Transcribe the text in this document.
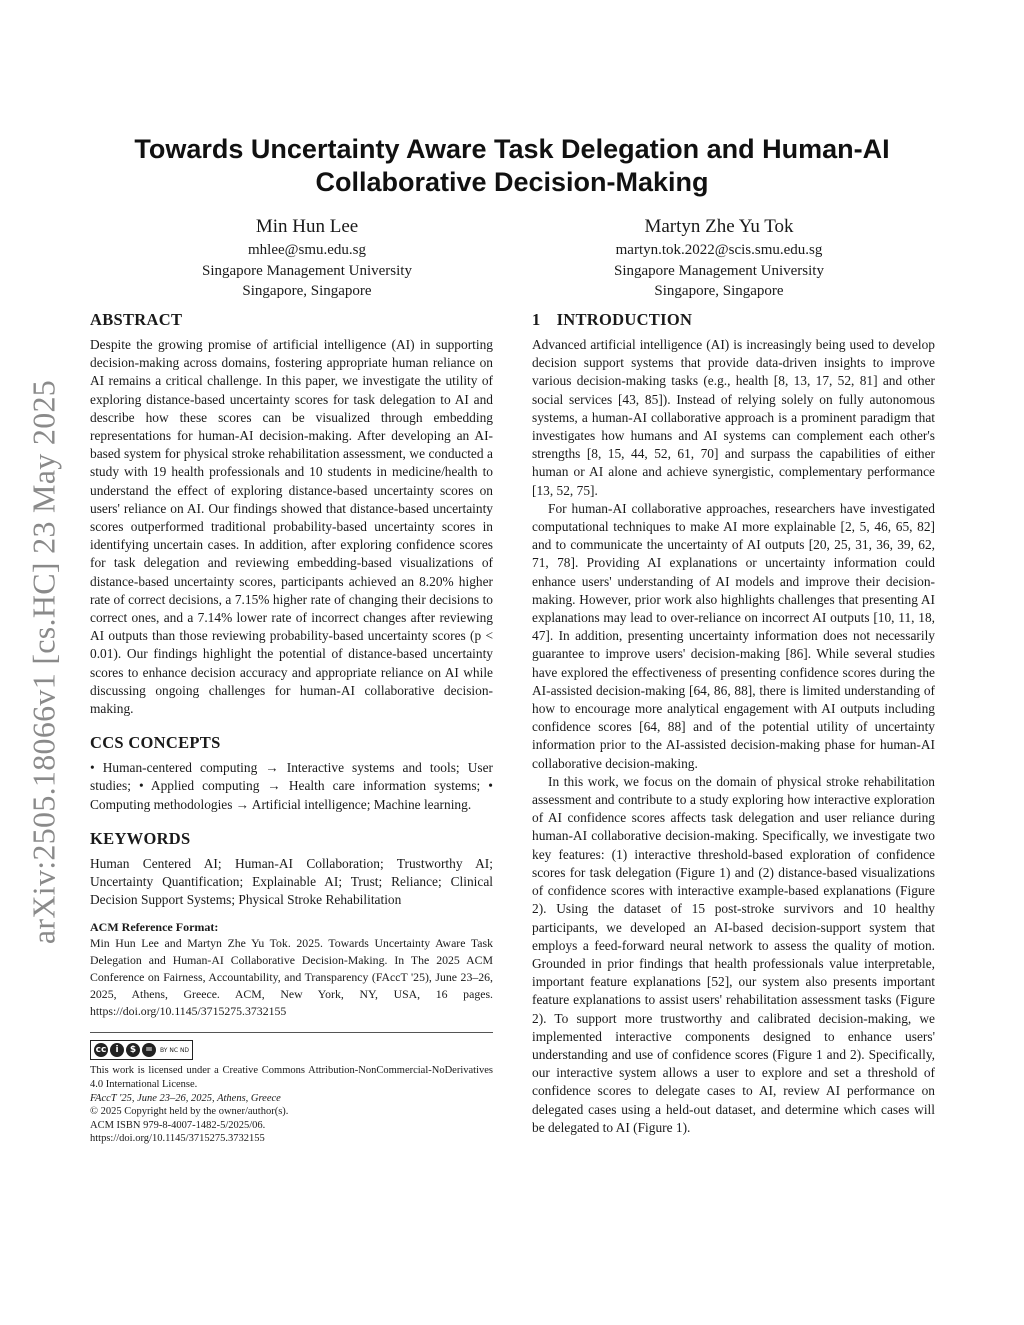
arXiv:2505.18066v1 [cs.HC] 23 May 2025
Towards Uncertainty Aware Task Delegation and Human-AI Collaborative Decision-Making
Min Hun Lee
mhlee@smu.edu.sg
Singapore Management University
Singapore, Singapore
Martyn Zhe Yu Tok
martyn.tok.2022@scis.smu.edu.sg
Singapore Management University
Singapore, Singapore
ABSTRACT

Despite the growing promise of artificial intelligence (AI) in supporting decision-making across domains, fostering appropriate human reliance on AI remains a critical challenge. In this paper, we investigate the utility of exploring distance-based uncertainty scores for task delegation to AI and describe how these scores can be visualized through embedding representations for human-AI decision-making. After developing an AI-based system for physical stroke rehabilitation assessment, we conducted a study with 19 health professionals and 10 students in medicine/health to understand the effect of exploring distance-based uncertainty scores on users' reliance on AI. Our findings showed that distance-based uncertainty scores outperformed traditional probability-based uncertainty scores in identifying uncertain cases. In addition, after exploring confidence scores for task delegation and reviewing embedding-based visualizations of distance-based uncertainty scores, participants achieved an 8.20% higher rate of correct decisions, a 7.15% higher rate of changing their decisions to correct ones, and a 7.14% lower rate of incorrect changes after reviewing AI outputs than those reviewing probability-based uncertainty scores (p < 0.01). Our findings highlight the potential of distance-based uncertainty scores to enhance decision accuracy and appropriate reliance on AI while discussing ongoing challenges for human-AI collaborative decision-making.

CCS CONCEPTS

• Human-centered computing → Interactive systems and tools; User studies; • Applied computing → Health care information systems; • Computing methodologies → Artificial intelligence; Machine learning.

KEYWORDS

Human Centered AI; Human-AI Collaboration; Trustworthy AI; Uncertainty Quantification; Explainable AI; Trust; Reliance; Clinical Decision Support Systems; Physical Stroke Rehabilitation

ACM Reference Format:

Min Hun Lee and Martyn Zhe Yu Tok. 2025. Towards Uncertainty Aware Task Delegation and Human-AI Collaborative Decision-Making. In The 2025 ACM Conference on Fairness, Accountability, and Transparency (FAccT '25), June 23–26, 2025, Athens, Greece. ACM, New York, NY, USA, 16 pages. https://doi.org/10.1145/3715275.3732155

cc	i	$	=	BY NC ND
This work is licensed under a Creative Commons Attribution-NonCommercial-NoDerivatives 4.0 International License.
FAccT '25, June 23–26, 2025, Athens, Greece
© 2025 Copyright held by the owner/author(s).
ACM ISBN 979-8-4007-1482-5/2025/06.
https://doi.org/10.1145/3715275.3732155
1 INTRODUCTION

Advanced artificial intelligence (AI) is increasingly being used to develop decision support systems that provide data-driven insights to improve various decision-making tasks (e.g., health [8, 13, 17, 52, 81] and other social services [43, 85]). Instead of relying solely on fully autonomous systems, a human-AI collaborative approach is a prominent paradigm that investigates how humans and AI systems can complement each other's strengths [8, 15, 44, 52, 61, 70] and surpass the capabilities of either human or AI alone and achieve synergistic, complementary performance [13, 52, 75].

For human-AI collaborative approaches, researchers have investigated computational techniques to make AI more explainable [2, 5, 46, 65, 82] and to communicate the uncertainty of AI outputs [20, 25, 31, 36, 39, 62, 71, 78]. Providing AI explanations or uncertainty information could enhance users' understanding of AI models and improve their decision-making. However, prior work also highlights challenges that presenting AI explanations may lead to over-reliance on incorrect AI outputs [10, 11, 18, 47]. In addition, presenting uncertainty information does not necessarily guarantee to improve users' decision-making [86]. While several studies have explored the effectiveness of presenting confidence scores during the AI-assisted decision-making [64, 86, 88], there is limited understanding of how to encourage more analytical engagement with AI outputs including confidence scores [64, 88] and of the potential utility of uncertainty information prior to the AI-assisted decision-making phase for human-AI collaborative decision-making.

In this work, we focus on the domain of physical stroke rehabilitation assessment and contribute to a study exploring how interactive exploration of AI confidence scores affects task delegation and user reliance during human-AI collaborative decision-making. Specifically, we investigate two key features: (1) interactive threshold-based exploration of confidence scores for task delegation (Figure 1) and (2) distance-based visualizations of confidence scores with interactive example-based explanations (Figure 2). Using the dataset of 15 post-stroke survivors and 10 healthy participants, we developed an AI-based decision-support system that employs a feed-forward neural network to assess the quality of motion. Grounded in prior findings that health professionals value interpretable, important feature explanations [52], our system also presents important feature explanations to assist users' rehabilitation assessment tasks (Figure 2). To support more trustworthy and calibrated decision-making, we implemented interactive components designed to enhance users' understanding and use of confidence scores (Figure 1 and 2). Specifically, our interactive system allows a user to explore and set a threshold of confidence scores to delegate cases to AI, review AI performance on delegated cases using a held-out dataset, and determine which cases will be delegated to AI (Figure 1).
